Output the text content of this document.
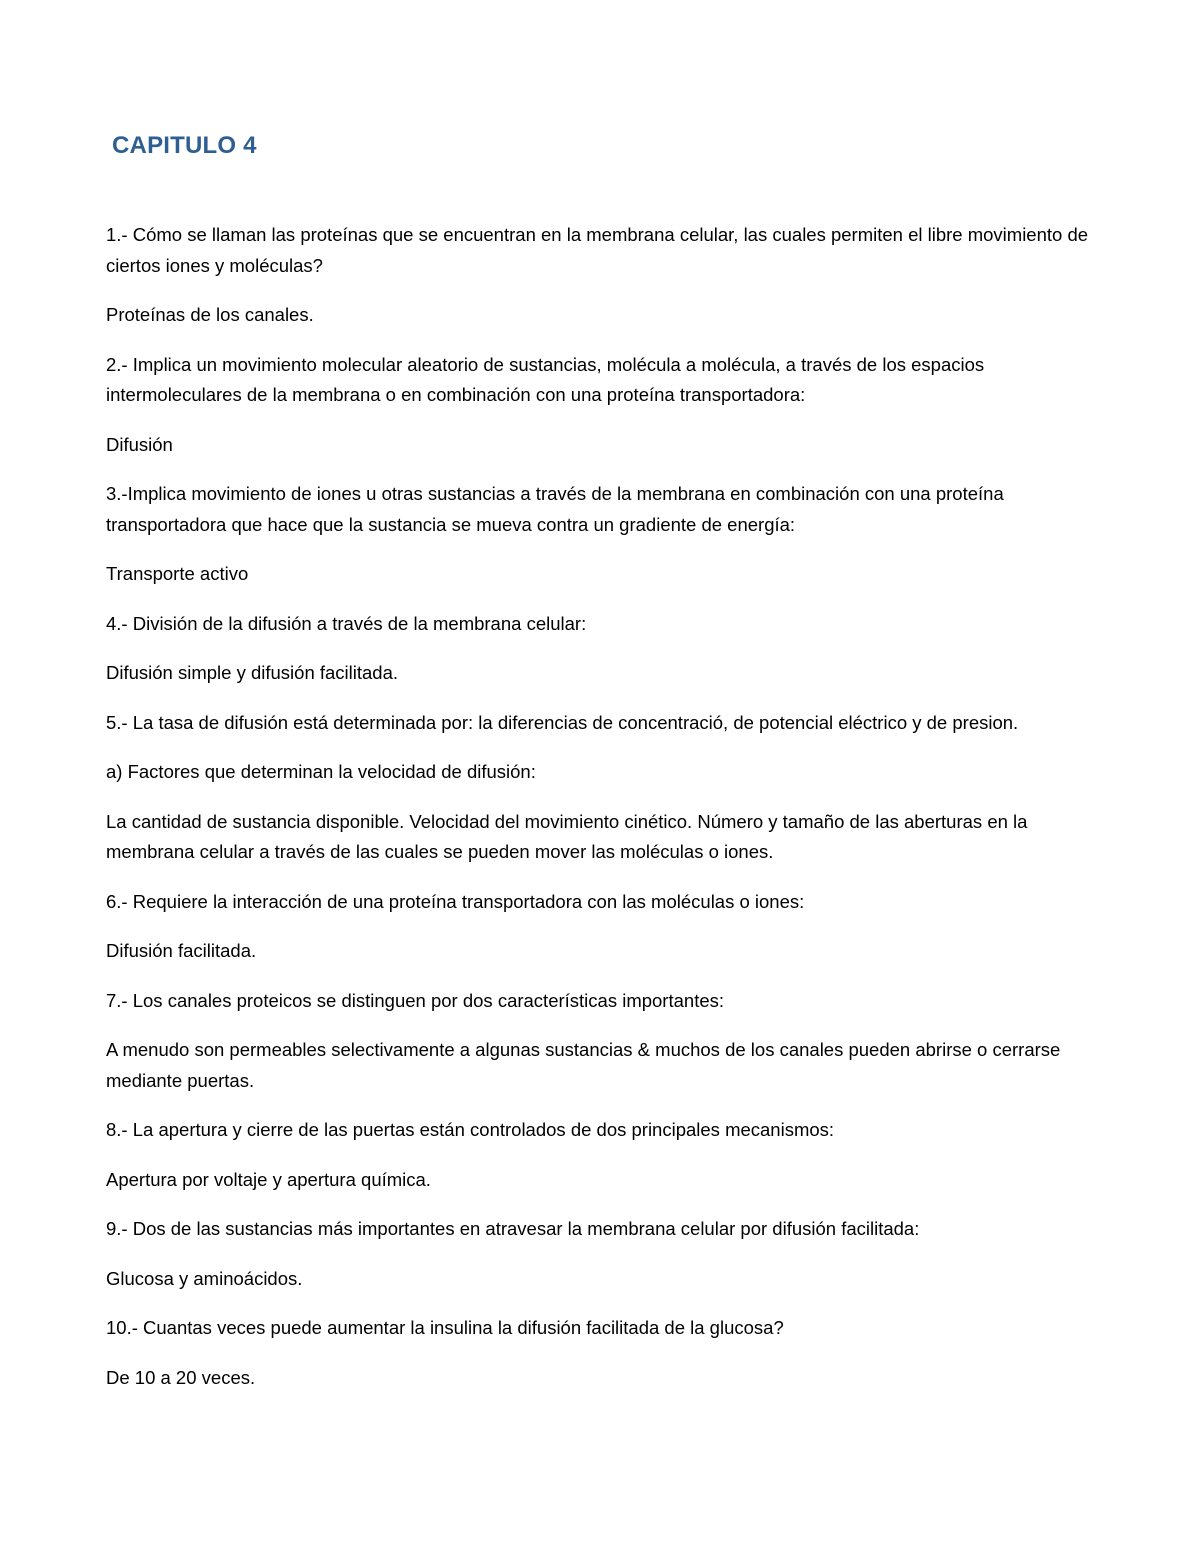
CAPITULO 4

1.- Cómo se llaman las proteínas que se encuentran en la membrana celular, las cuales permiten el libre movimiento de ciertos iones y moléculas?

Proteínas de los canales.

2.- Implica un movimiento molecular aleatorio de sustancias, molécula a molécula, a través de los espacios intermoleculares de la membrana o en combinación con una proteína transportadora:

Difusión

3.-Implica movimiento de iones u otras sustancias a través de la membrana en combinación con una proteína transportadora que hace que la sustancia se mueva contra un gradiente de energía:

Transporte activo

4.- División de la difusión a través de la membrana celular:

Difusión simple y difusión facilitada.

5.- La tasa de difusión está determinada por: la diferencias de concentració, de potencial eléctrico y de presion.

a) Factores que determinan la velocidad de difusión:

La cantidad de sustancia disponible. Velocidad del movimiento cinético. Número y tamaño de las aberturas en la membrana celular a través de las cuales se pueden mover las moléculas o iones.

6.- Requiere la interacción de una proteína transportadora con las moléculas o iones:

Difusión facilitada.

7.- Los canales proteicos se distinguen por dos características importantes:

A menudo son permeables selectivamente a algunas sustancias & muchos de los canales pueden abrirse o cerrarse mediante puertas.

8.- La apertura y cierre de las puertas están controlados de dos principales mecanismos:

Apertura por voltaje y apertura química.

9.- Dos de las sustancias más importantes en atravesar la membrana celular por difusión facilitada:

Glucosa y aminoácidos.

10.- Cuantas veces puede aumentar la insulina la difusión facilitada de la glucosa?

De 10 a 20 veces.
